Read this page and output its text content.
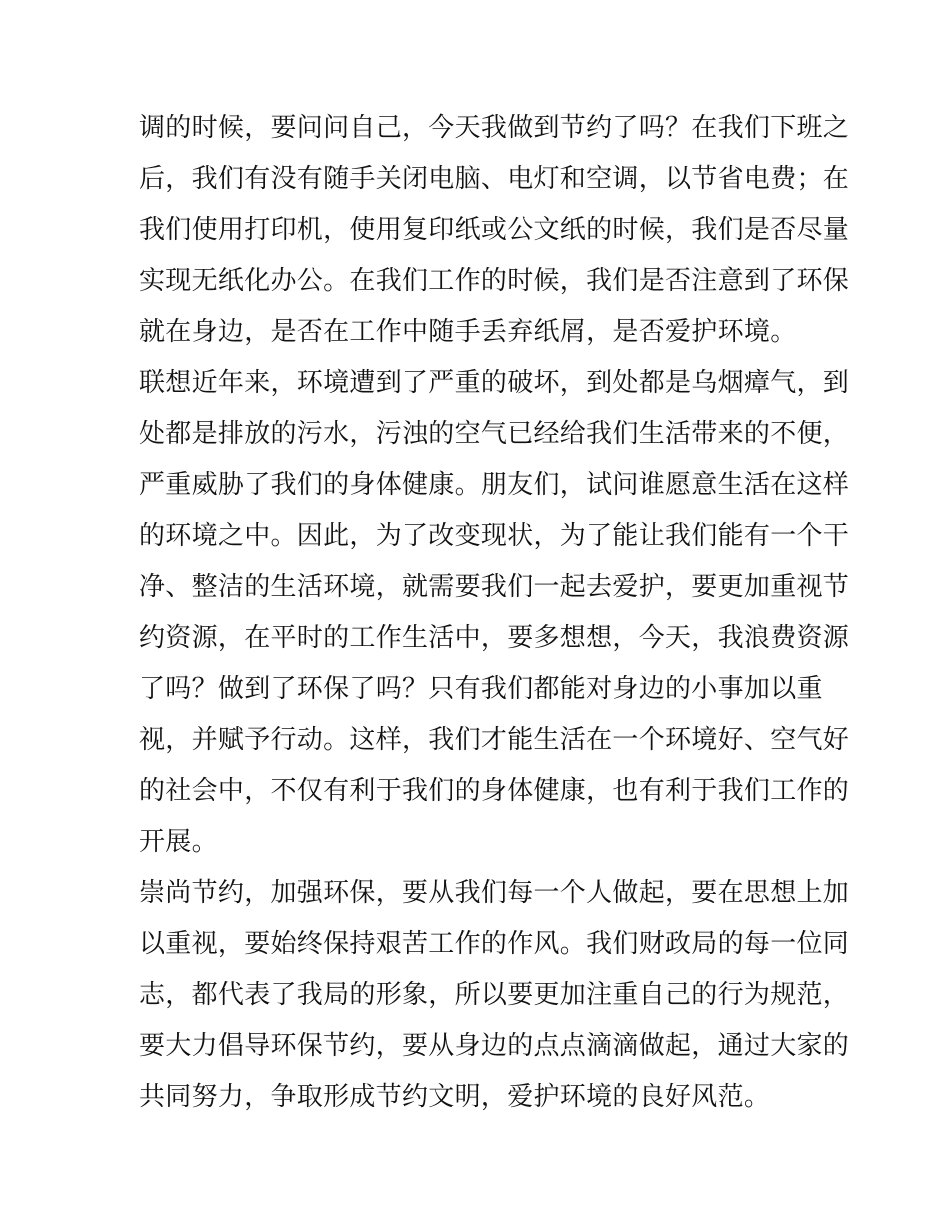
调的时候，要问问自己，今天我做到节约了吗？在我们下班之
后，我们有没有随手关闭电脑、电灯和空调，以节省电费；在
我们使用打印机，使用复印纸或公文纸的时候，我们是否尽量
实现无纸化办公。在我们工作的时候，我们是否注意到了环保
就在身边，是否在工作中随手丢弃纸屑，是否爱护环境。
联想近年来，环境遭到了严重的破坏，到处都是乌烟瘴气，到
处都是排放的污水，污浊的空气已经给我们生活带来的不便，
严重威胁了我们的身体健康。朋友们，试问谁愿意生活在这样
的环境之中。因此，为了改变现状，为了能让我们能有一个干
净、整洁的生活环境，就需要我们一起去爱护，要更加重视节
约资源，在平时的工作生活中，要多想想，今天，我浪费资源
了吗？做到了环保了吗？只有我们都能对身边的小事加以重
视，并赋予行动。这样，我们才能生活在一个环境好、空气好
的社会中，不仅有利于我们的身体健康，也有利于我们工作的
开展。
崇尚节约，加强环保，要从我们每一个人做起，要在思想上加
以重视，要始终保持艰苦工作的作风。我们财政局的每一位同
志，都代表了我局的形象，所以要更加注重自己的行为规范，
要大力倡导环保节约，要从身边的点点滴滴做起，通过大家的
共同努力，争取形成节约文明，爱护环境的良好风范。
